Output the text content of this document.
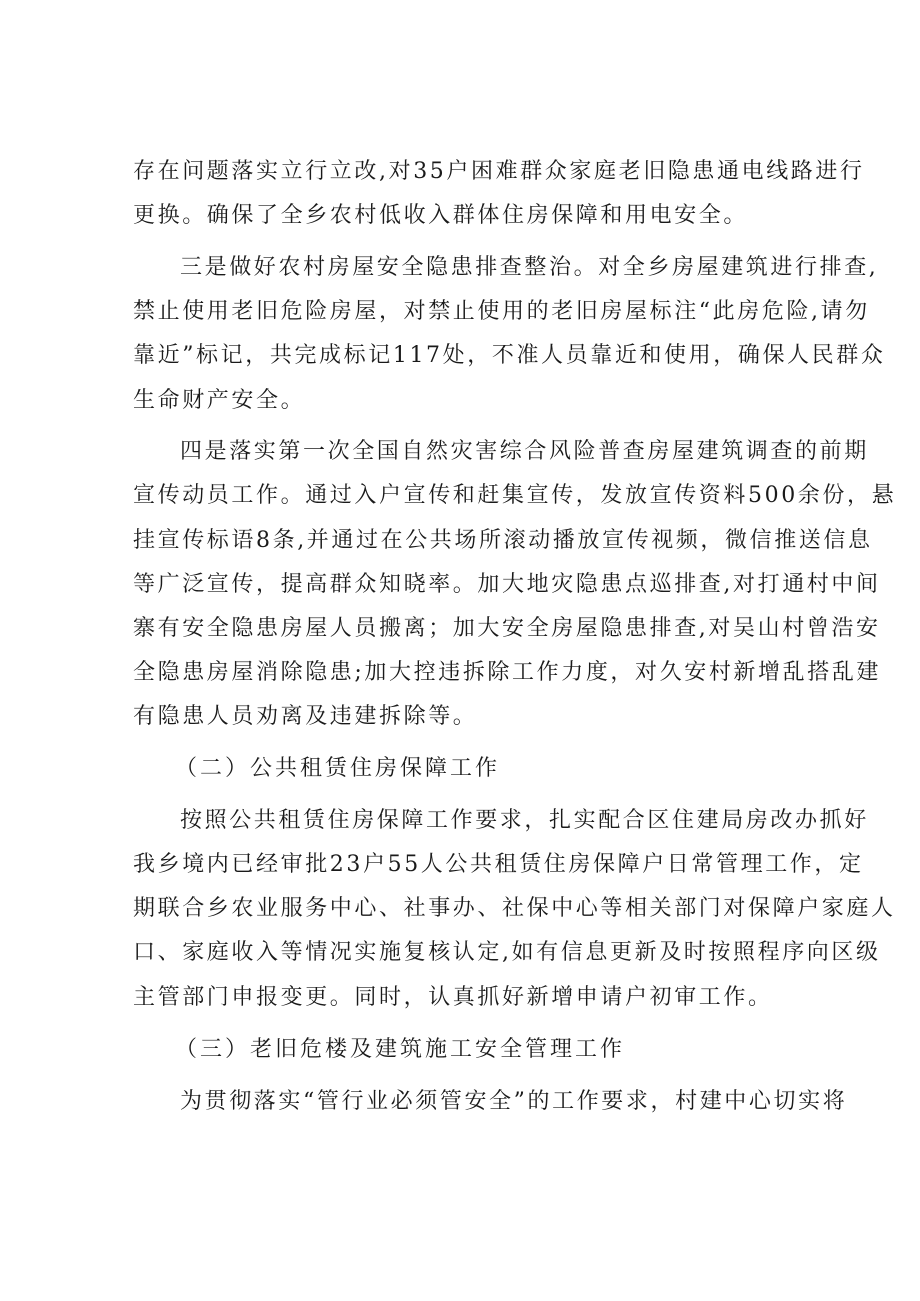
存在问题落实立行立改,对35户困难群众家庭老旧隐患通电线路进行
更换。确保了全乡农村低收入群体住房保障和用电安全。
三是做好农村房屋安全隐患排查整治。对全乡房屋建筑进行排查,
禁止使用老旧危险房屋，对禁止使用的老旧房屋标注“此房危险,请勿
靠近”标记，共完成标记117处，不准人员靠近和使用，确保人民群众
生命财产安全。
四是落实第一次全国自然灾害综合风险普查房屋建筑调查的前期
宣传动员工作。通过入户宣传和赶集宣传，发放宣传资料500余份，悬
挂宣传标语8条,并通过在公共场所滚动播放宣传视频，微信推送信息
等广泛宣传，提高群众知晓率。加大地灾隐患点巡排查,对打通村中间
寨有安全隐患房屋人员搬离；加大安全房屋隐患排查,对吴山村曾浩安
全隐患房屋消除隐患;加大控违拆除工作力度，对久安村新增乱搭乱建
有隐患人员劝离及违建拆除等。
（二）公共租赁住房保障工作
按照公共租赁住房保障工作要求，扎实配合区住建局房改办抓好
我乡境内已经审批23户55人公共租赁住房保障户日常管理工作，定
期联合乡农业服务中心、社事办、社保中心等相关部门对保障户家庭人
口、家庭收入等情况实施复核认定,如有信息更新及时按照程序向区级
主管部门申报变更。同时，认真抓好新增申请户初审工作。
（三）老旧危楼及建筑施工安全管理工作
为贯彻落实“管行业必须管安全”的工作要求，村建中心切实将
